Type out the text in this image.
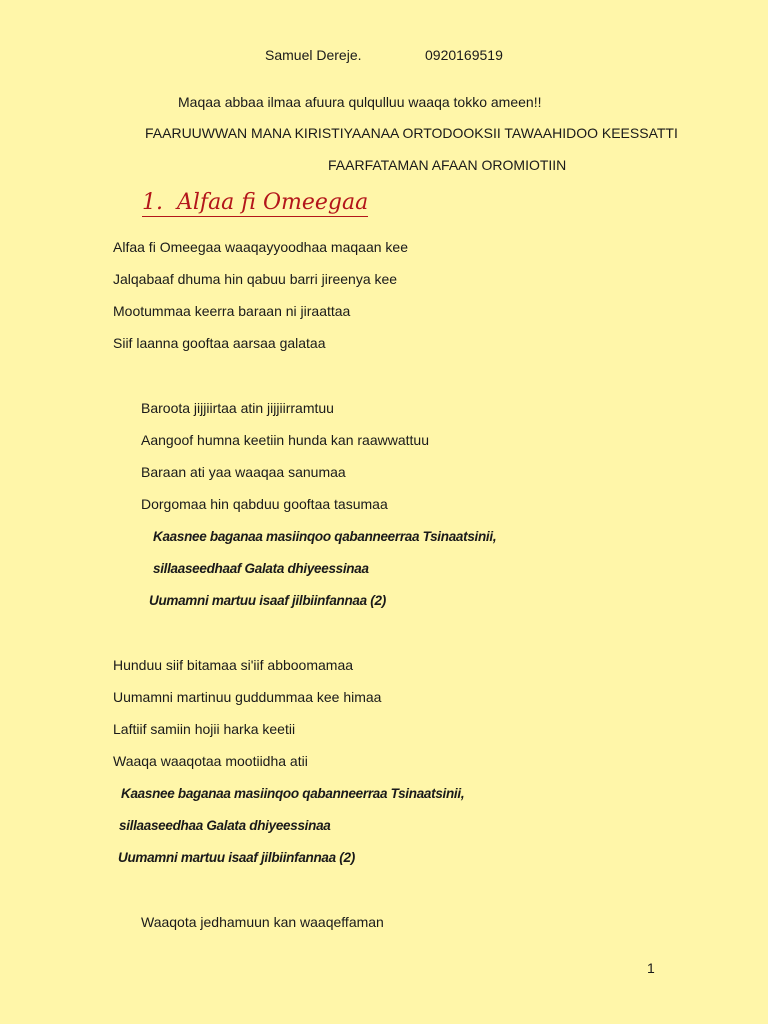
Samuel Dereje.	0920169519
Maqaa abbaa ilmaa afuura qulqulluu waaqa tokko ameen!!
FAARUUWWAN MANA KIRISTIYAANAA ORTODOOKSII TAWAAHIDOO KEESSATTI
FAARFATAMAN AFAAN OROMIOTIIN
1. Alfaa fi Omeegaa
Alfaa fi Omeegaa waaqayyoodhaa maqaan kee
Jalqabaaf dhuma hin qabuu barri jireenya kee
Mootummaa keerra baraan ni jiraattaa
Siif laanna gooftaa aarsaa galataa
Baroota jijjiirtaa atin jijjiirramtuu
Aangoof humna keetiin hunda kan raawwattuu
Baraan ati yaa waaqaa sanumaa
Dorgomaa hin qabduu gooftaa tasumaa
Kaasnee baganaa masiinqoo qabanneerraa Tsinaatsinii,
sillaaseedhaaf Galata dhiyeessinaa
Uumamni martuu isaaf jilbiinfannaa (2)
Hunduu siif bitamaa si'iif abboomamaa
Uumamni martinuu guddummaa kee himaa
Laftiif samiin hojii harka keetii
Waaqa waaqotaa mootiidha atii
Kaasnee baganaa masiinqoo qabanneerraa Tsinaatsinii,
sillaaseedhaa Galata dhiyeessinaa
Uumamni martuu isaaf jilbiinfannaa (2)
Waaqota jedhamuun kan waaqeffaman
1
